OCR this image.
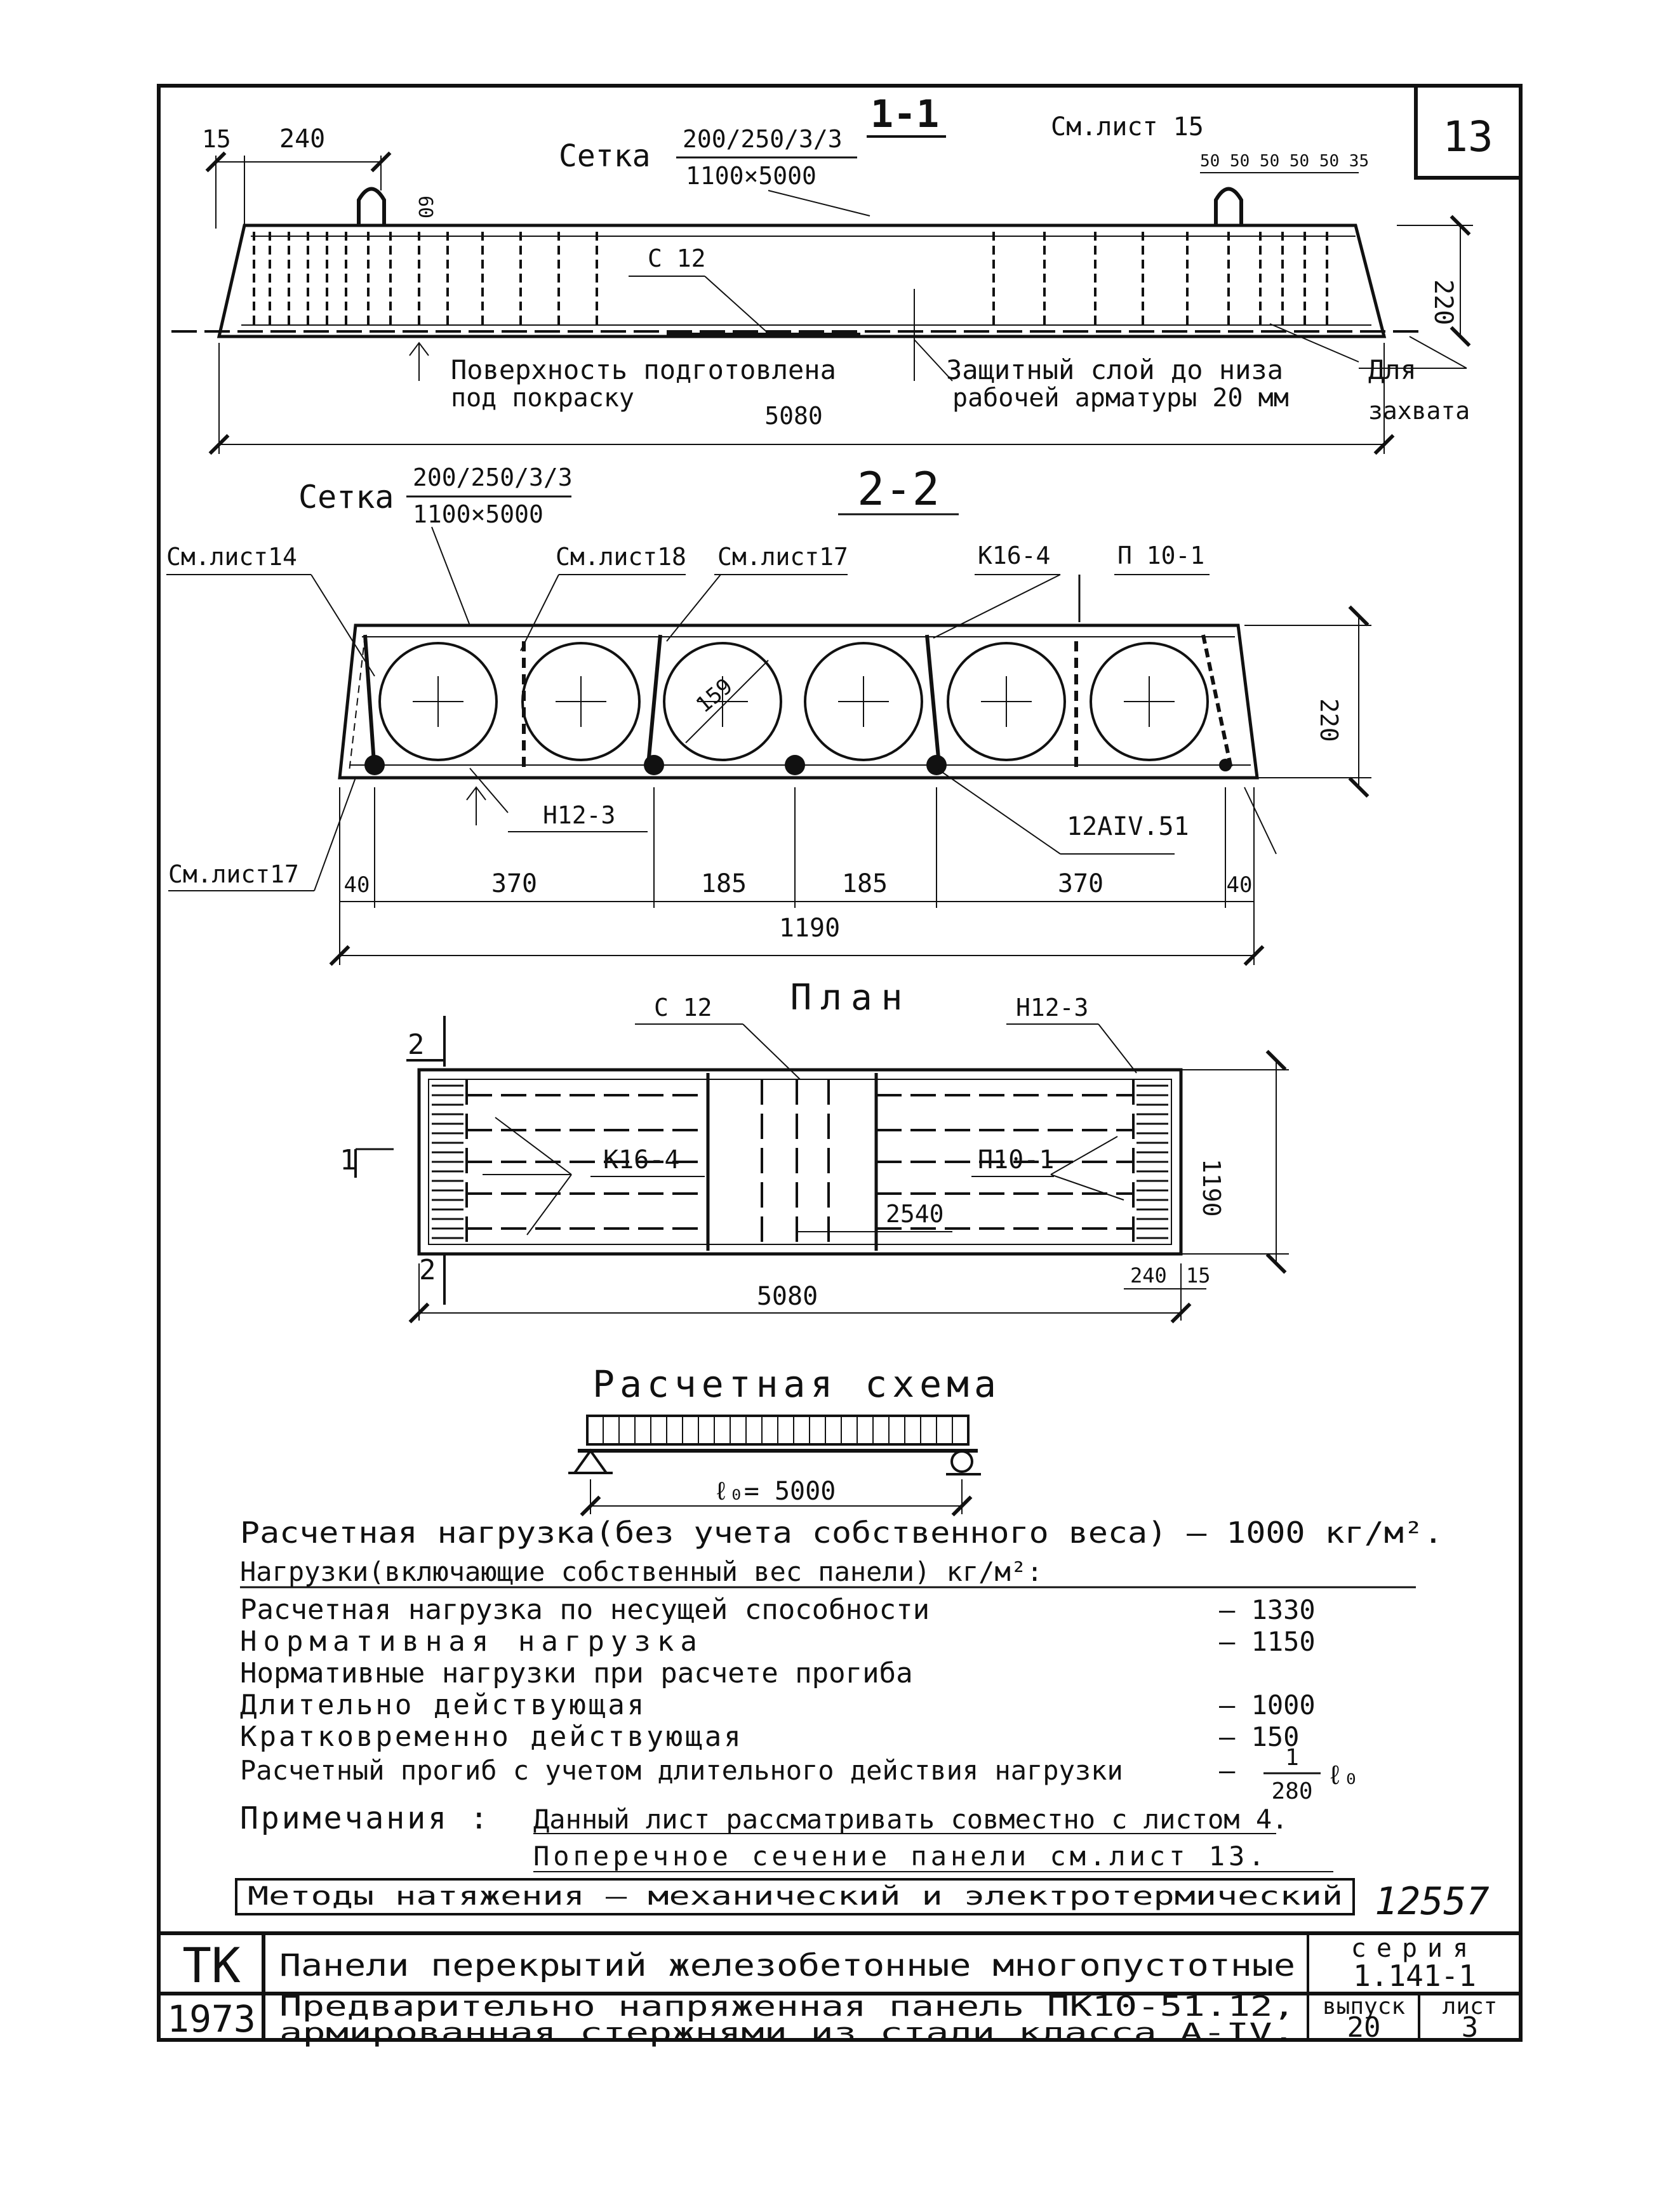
13
1-1
Сетка 200/250/3/3
1100×5000
См.лист 15
15 240
50 50 50 50 50 35
60
С 12
220
Поверхность подготовлена
под покраску
Защитный слой до низа
рабочей арматуры 20 мм
Для
захвата
5080
2-2
Сетка
200/250/3/3
1100×5000
См.лист14	См.лист18 См.лист17	К16-4	П 10-1
159
Н12-3	12АIV.51
См.лист17
220
40	370	185	185	370	40
1190
План
С 12	Н12-3
2
2
1	К16-4	П10-1
2540	1190
5080
240 15
Расчетная схема
ℓ₀= 5000
Расчетная нагрузка(без учета собственного веса) — 1000 кг/м².
Нагрузки(включающие собственный вес панели) кг/м²:
Расчетная нагрузка по несущей способности	— 1330
Нормативная нагрузка	— 1150
Нормативные нагрузки при расчете прогиба
Длительно действующая	— 1000
Кратковременно действующая	— 150
Расчетный прогиб с учетом длительного действия нагрузки	— 1
280
ℓ₀
Примечания : Данный лист рассматривать совместно с листом 4.
Поперечное сечение панели см.лист 13.
Методы натяжения — механический и электротермический 12557
ТК Панели перекрытий железобетонные многопустотные серия
1.141-1
1973 Предварительно напряженная панель ПК10-51.12,
армированная стержнями из стали класса А-IV.
выпуск
20
лист
3
